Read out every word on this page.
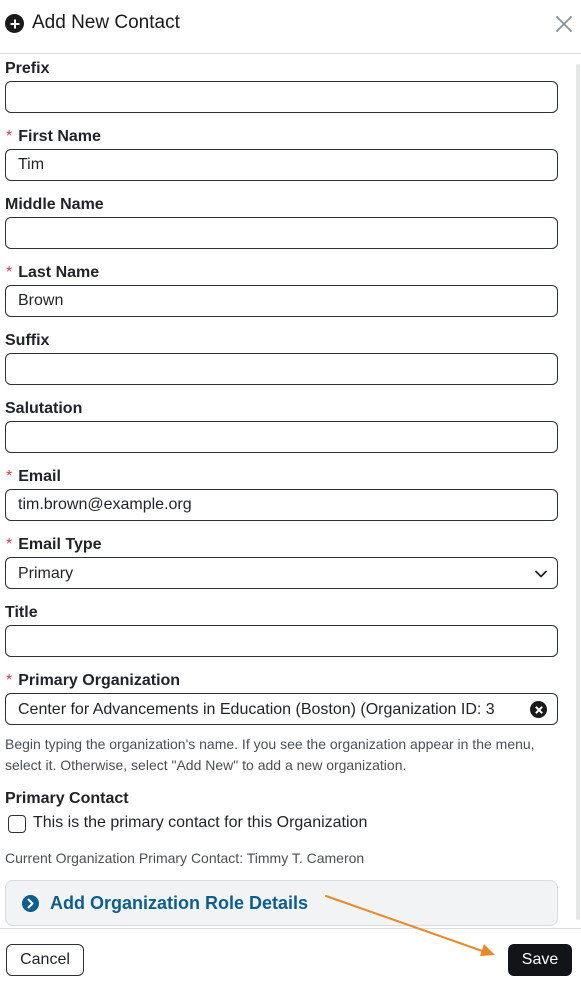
Add New Contact
Prefix
* First Name
Tim
Middle Name
* Last Name
Brown
Suffix
Salutation
* Email
tim.brown@example.org
* Email Type
Primary
Title
* Primary Organization
Center for Advancements in Education (Boston) (Organization ID: 3
Begin typing the organization's name. If you see the organization appear in the menu, select it. Otherwise, select "Add New" to add a new organization.
Primary Contact
This is the primary contact for this Organization
Current Organization Primary Contact: Timmy T. Cameron
Add Organization Role Details
Cancel	Save
